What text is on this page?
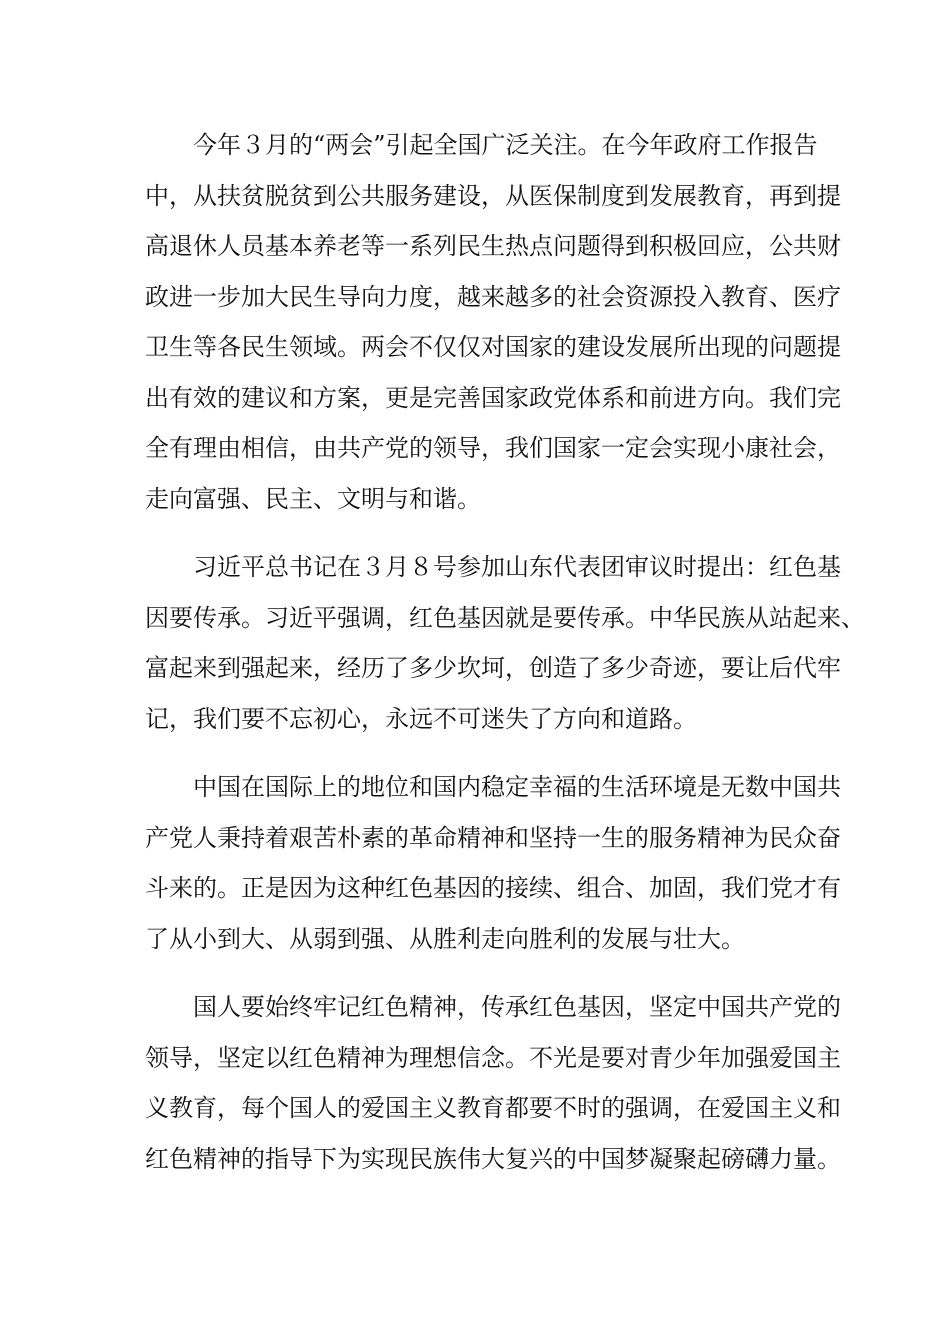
今年３月的“两会”引起全国广泛关注。在今年政府工作报告
中，从扶贫脱贫到公共服务建设，从医保制度到发展教育，再到提
高退休人员基本养老等一系列民生热点问题得到积极回应，公共财
政进一步加大民生导向力度，越来越多的社会资源投入教育、医疗
卫生等各民生领域。两会不仅仅对国家的建设发展所出现的问题提
出有效的建议和方案，更是完善国家政党体系和前进方向。我们完
全有理由相信，由共产党的领导，我们国家一定会实现小康社会，
走向富强、民主、文明与和谐。

习近平总书记在３月８号参加山东代表团审议时提出：红色基
因要传承。习近平强调，红色基因就是要传承。中华民族从站起来、
富起来到强起来，经历了多少坎坷，创造了多少奇迹，要让后代牢
记，我们要不忘初心，永远不可迷失了方向和道路。

中国在国际上的地位和国内稳定幸福的生活环境是无数中国共
产党人秉持着艰苦朴素的革命精神和坚持一生的服务精神为民众奋
斗来的。正是因为这种红色基因的接续、组合、加固，我们党才有
了从小到大、从弱到强、从胜利走向胜利的发展与壮大。

国人要始终牢记红色精神，传承红色基因，坚定中国共产党的
领导，坚定以红色精神为理想信念。不光是要对青少年加强爱国主
义教育，每个国人的爱国主义教育都要不时的强调，在爱国主义和
红色精神的指导下为实现民族伟大复兴的中国梦凝聚起磅礴力量。
